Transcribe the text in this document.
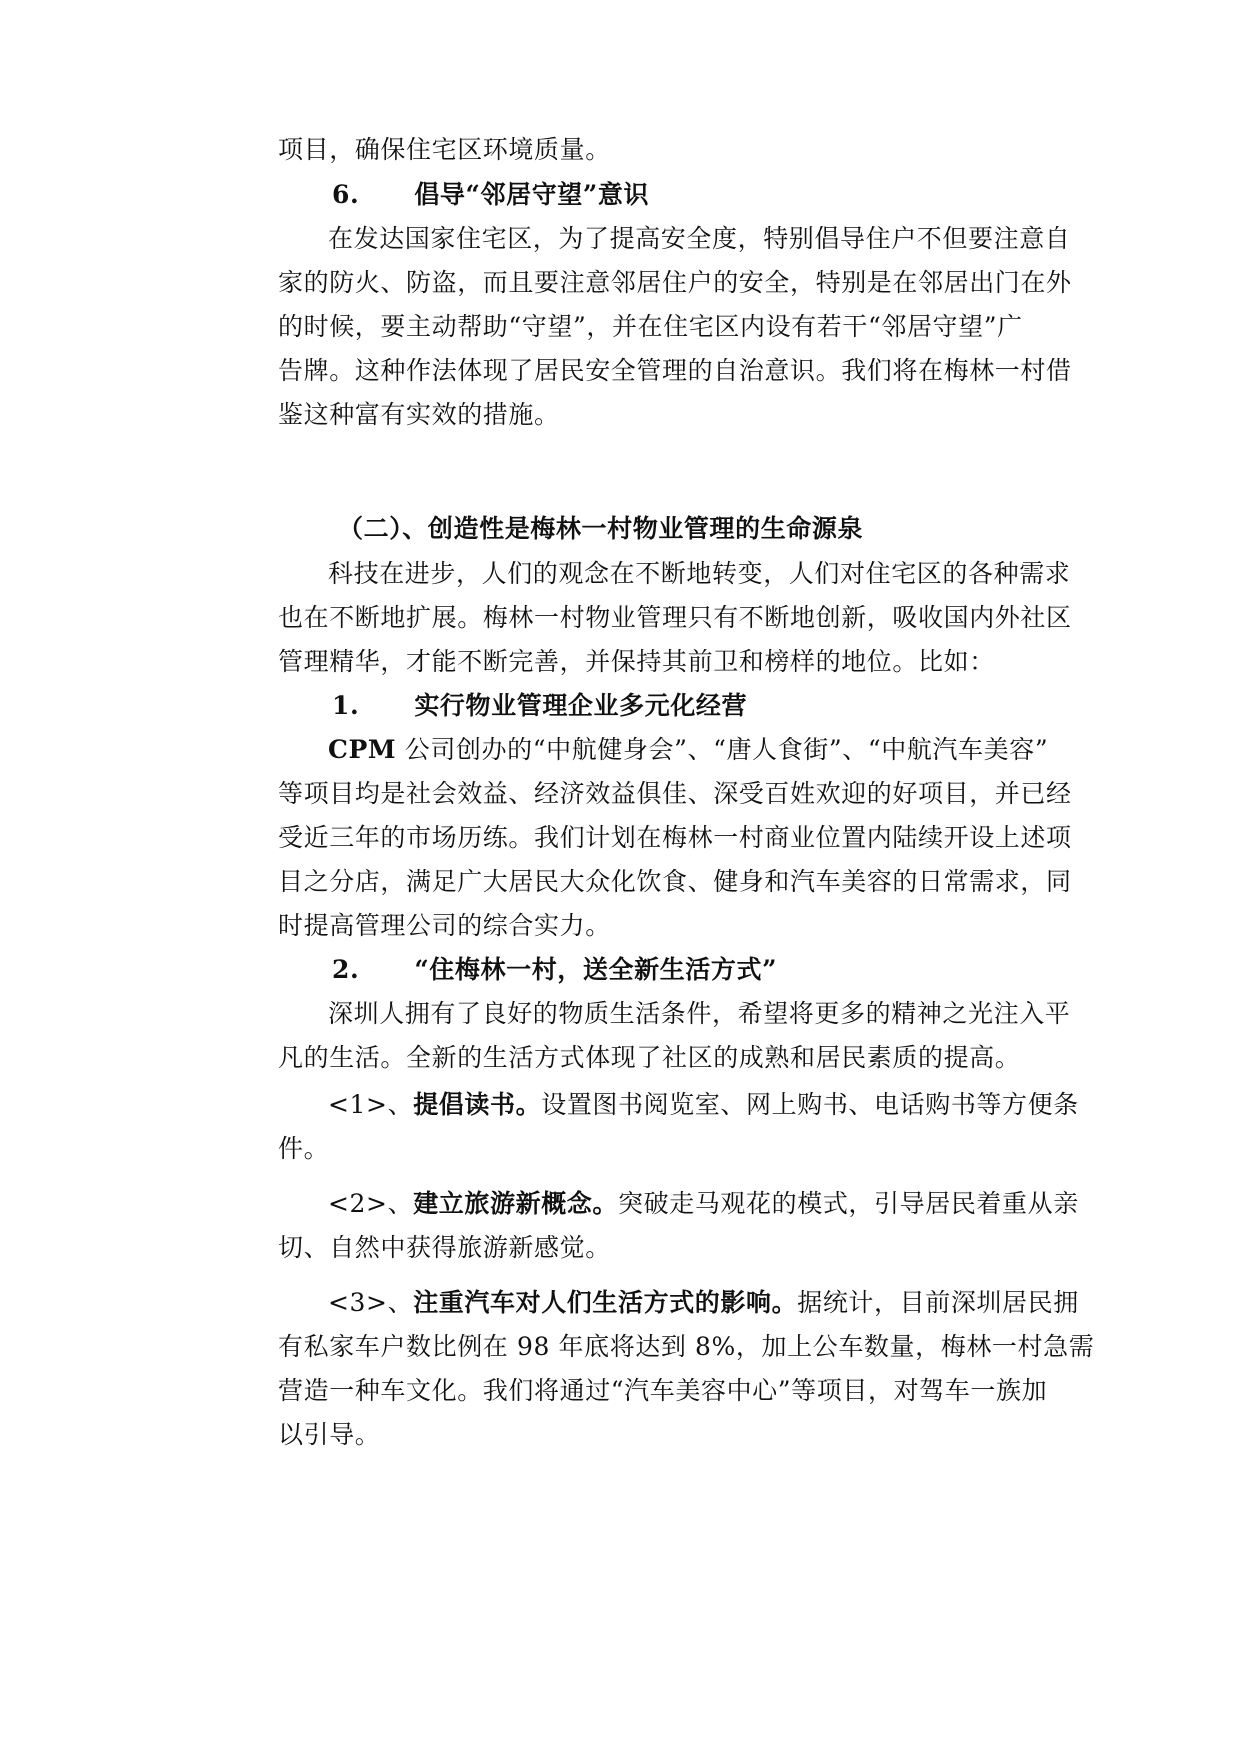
项目，确保住宅区环境质量。

6. 倡导“邻居守望”意识

在发达国家住宅区，为了提高安全度，特别倡导住户不但要注意自

家的防火、防盗，而且要注意邻居住户的安全，特别是在邻居出门在外

的时候，要主动帮助“守望”，并在住宅区内设有若干“邻居守望”广

告牌。这种作法体现了居民安全管理的自治意识。我们将在梅林一村借

鉴这种富有实效的措施。

（二）、创造性是梅林一村物业管理的生命源泉

科技在进步，人们的观念在不断地转变，人们对住宅区的各种需求

也在不断地扩展。梅林一村物业管理只有不断地创新，吸收国内外社区

管理精华，才能不断完善，并保持其前卫和榜样的地位。比如：

1. 实行物业管理企业多元化经营

CPM 公司创办的“中航健身会”、“唐人食街”、“中航汽车美容”

等项目均是社会效益、经济效益俱佳、深受百姓欢迎的好项目，并已经

受近三年的市场历练。我们计划在梅林一村商业位置内陆续开设上述项

目之分店，满足广大居民大众化饮食、健身和汽车美容的日常需求，同

时提高管理公司的综合实力。

2. “住梅林一村，送全新生活方式”

深圳人拥有了良好的物质生活条件，希望将更多的精神之光注入平

凡的生活。全新的生活方式体现了社区的成熟和居民素质的提高。

<1>、提倡读书。设置图书阅览室、网上购书、电话购书等方便条

件。

<2>、建立旅游新概念。突破走马观花的模式，引导居民着重从亲

切、自然中获得旅游新感觉。

<3>、注重汽车对人们生活方式的影响。据统计，目前深圳居民拥

有私家车户数比例在 98 年底将达到 8%，加上公车数量，梅林一村急需

营造一种车文化。我们将通过“汽车美容中心”等项目，对驾车一族加

以引导。
